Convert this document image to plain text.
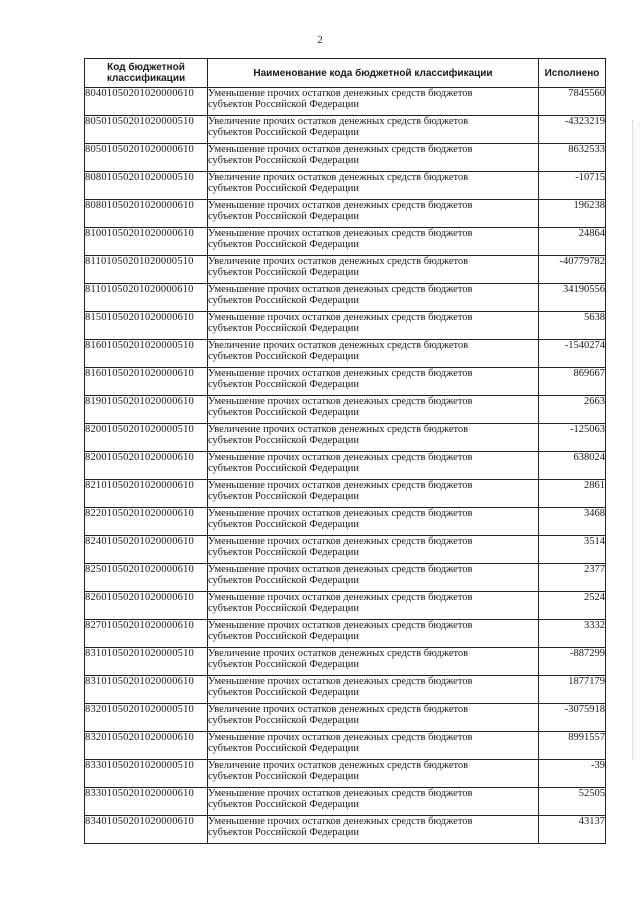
2
Код бюджетной
классификации	Наименование кода бюджетной классификации	Исполнено
80401050201020000610	Уменьшение прочих остатков денежных средств бюджетов
субъектов Российской Федерации	7845560
80501050201020000510	Увеличение прочих остатков денежных средств бюджетов
субъектов Российской Федерации	-4323219
80501050201020000610	Уменьшение прочих остатков денежных средств бюджетов
субъектов Российской Федерации	8632533
80801050201020000510	Увеличение прочих остатков денежных средств бюджетов
субъектов Российской Федерации	-10715
80801050201020000610	Уменьшение прочих остатков денежных средств бюджетов
субъектов Российской Федерации	196238
81001050201020000610	Уменьшение прочих остатков денежных средств бюджетов
субъектов Российской Федерации	24864
81101050201020000510	Увеличение прочих остатков денежных средств бюджетов
субъектов Российской Федерации	-40779782
81101050201020000610	Уменьшение прочих остатков денежных средств бюджетов
субъектов Российской Федерации	34190556
81501050201020000610	Уменьшение прочих остатков денежных средств бюджетов
субъектов Российской Федерации	5638
81601050201020000510	Увеличение прочих остатков денежных средств бюджетов
субъектов Российской Федерации	-1540274
81601050201020000610	Уменьшение прочих остатков денежных средств бюджетов
субъектов Российской Федерации	869667
81901050201020000610	Уменьшение прочих остатков денежных средств бюджетов
субъектов Российской Федерации	2663
82001050201020000510	Увеличение прочих остатков денежных средств бюджетов
субъектов Российской Федерации	-125063
82001050201020000610	Уменьшение прочих остатков денежных средств бюджетов
субъектов Российской Федерации	638024
82101050201020000610	Уменьшение прочих остатков денежных средств бюджетов
субъектов Российской Федерации	2861
82201050201020000610	Уменьшение прочих остатков денежных средств бюджетов
субъектов Российской Федерации	3468
82401050201020000610	Уменьшение прочих остатков денежных средств бюджетов
субъектов Российской Федерации	3514
82501050201020000610	Уменьшение прочих остатков денежных средств бюджетов
субъектов Российской Федерации	2377
82601050201020000610	Уменьшение прочих остатков денежных средств бюджетов
субъектов Российской Федерации	2524
82701050201020000610	Уменьшение прочих остатков денежных средств бюджетов
субъектов Российской Федерации	3332
83101050201020000510	Увеличение прочих остатков денежных средств бюджетов
субъектов Российской Федерации	-887299
83101050201020000610	Уменьшение прочих остатков денежных средств бюджетов
субъектов Российской Федерации	1877179
83201050201020000510	Увеличение прочих остатков денежных средств бюджетов
субъектов Российской Федерации	-3075918
83201050201020000610	Уменьшение прочих остатков денежных средств бюджетов
субъектов Российской Федерации	8991557
83301050201020000510	Увеличение прочих остатков денежных средств бюджетов
субъектов Российской Федерации	-39
83301050201020000610	Уменьшение прочих остатков денежных средств бюджетов
субъектов Российской Федерации	52505
83401050201020000610	Уменьшение прочих остатков денежных средств бюджетов
субъектов Российской Федерации	43137
